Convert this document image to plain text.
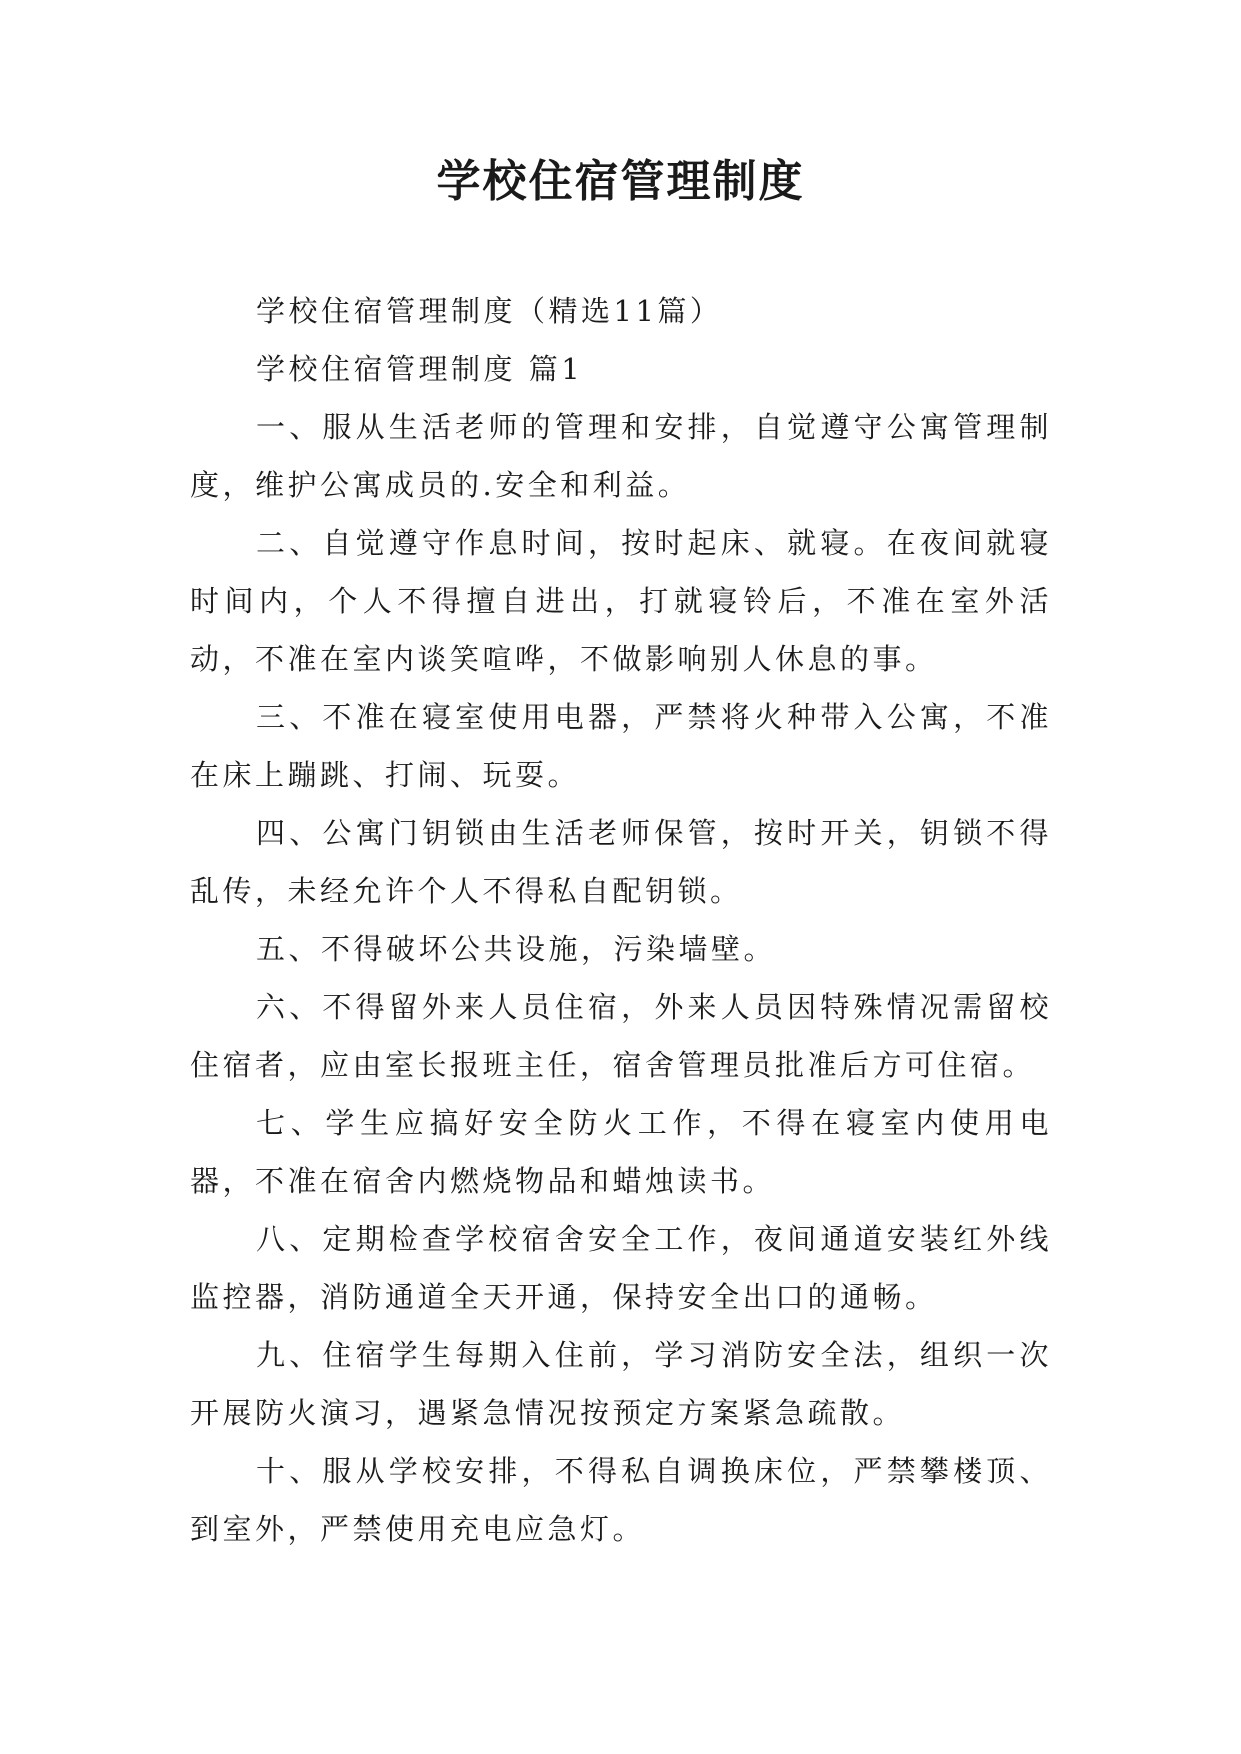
学校住宿管理制度

学校住宿管理制度（精选11篇）

学校住宿管理制度 篇1

一、服从生活老师的管理和安排，自觉遵守公寓管理制度，维护公寓成员的.安全和利益。

二、自觉遵守作息时间，按时起床、就寝。在夜间就寝时间内，个人不得擅自进出，打就寝铃后，不准在室外活动，不准在室内谈笑喧哗，不做影响别人休息的事。

三、不准在寝室使用电器，严禁将火种带入公寓，不准在床上蹦跳、打闹、玩耍。

四、公寓门钥锁由生活老师保管，按时开关，钥锁不得乱传，未经允许个人不得私自配钥锁。

五、不得破坏公共设施，污染墙壁。

六、不得留外来人员住宿，外来人员因特殊情况需留校住宿者，应由室长报班主任，宿舍管理员批准后方可住宿。

七、学生应搞好安全防火工作，不得在寝室内使用电器，不准在宿舍内燃烧物品和蜡烛读书。

八、定期检查学校宿舍安全工作，夜间通道安装红外线监控器，消防通道全天开通，保持安全出口的通畅。

九、住宿学生每期入住前，学习消防安全法，组织一次开展防火演习，遇紧急情况按预定方案紧急疏散。

十、服从学校安排，不得私自调换床位，严禁攀楼顶、到室外，严禁使用充电应急灯。
